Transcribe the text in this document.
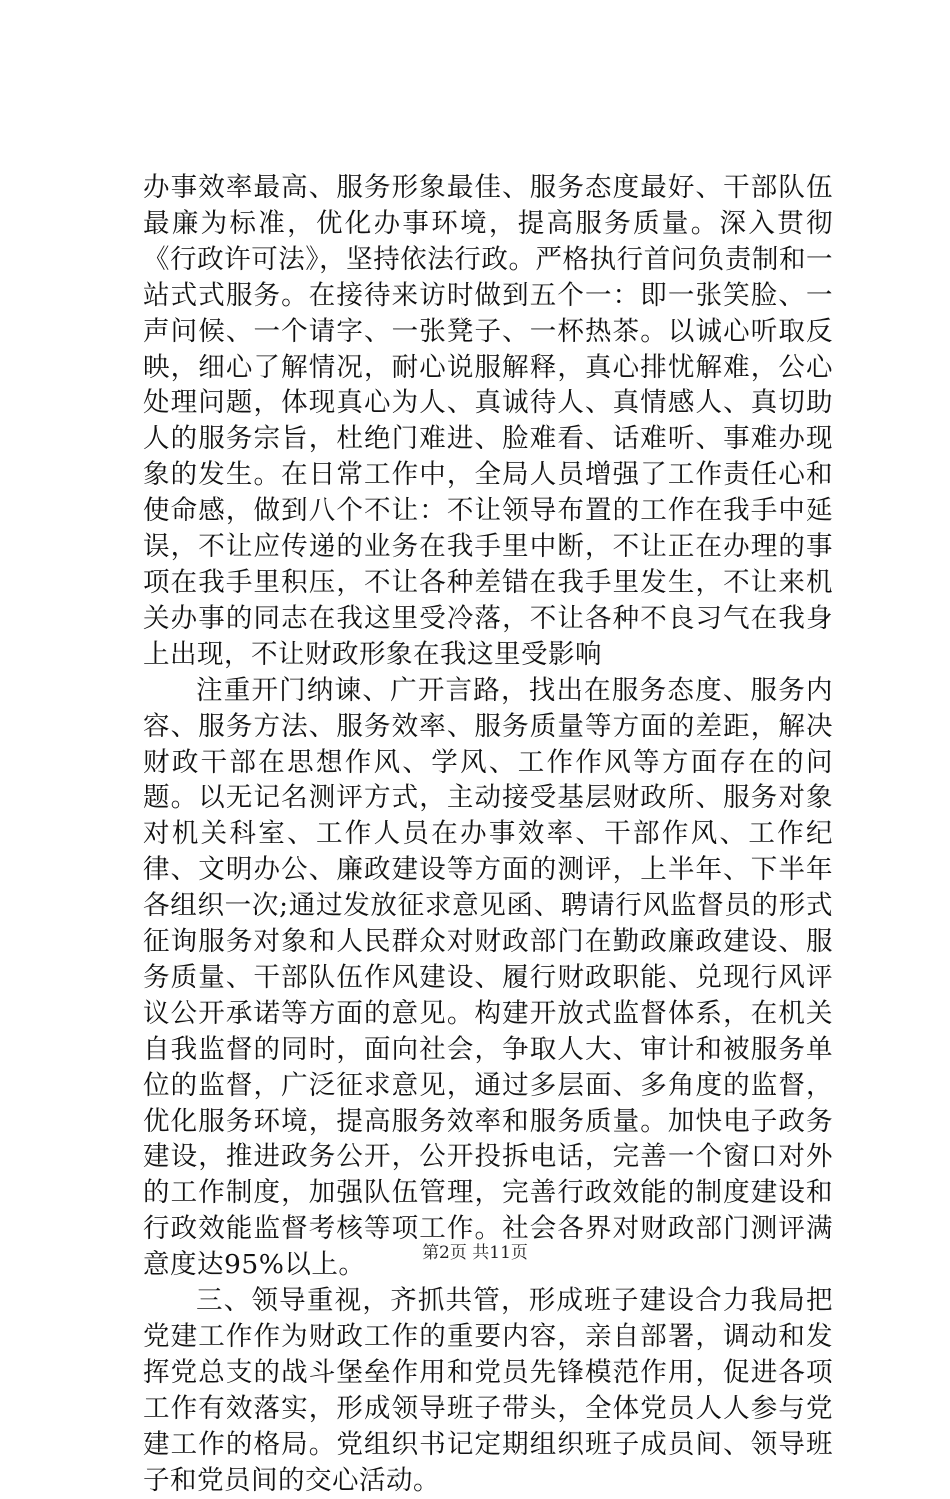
办事效率最高、服务形象最佳、服务态度最好、干部队伍最廉为标准，优化办事环境，提高服务质量。深入贯彻《行政许可法》，坚持依法行政。严格执行首问负责制和一站式式服务。在接待来访时做到五个一：即一张笑脸、一声问候、一个请字、一张凳子、一杯热茶。以诚心听取反映，细心了解情况，耐心说服解释，真心排忧解难，公心处理问题，体现真心为人、真诚待人、真情感人、真切助人的服务宗旨，杜绝门难进、脸难看、话难听、事难办现象的发生。在日常工作中，全局人员增强了工作责任心和使命感，做到八个不让：不让领导布置的工作在我手中延误，不让应传递的业务在我手里中断，不让正在办理的事项在我手里积压，不让各种差错在我手里发生，不让来机关办事的同志在我这里受冷落，不让各种不良习气在我身上出现，不让财政形象在我这里受影响

注重开门纳谏、广开言路，找出在服务态度、服务内容、服务方法、服务效率、服务质量等方面的差距，解决财政干部在思想作风、学风、工作作风等方面存在的问题。以无记名测评方式，主动接受基层财政所、服务对象对机关科室、工作人员在办事效率、干部作风、工作纪律、文明办公、廉政建设等方面的测评，上半年、下半年各组织一次;通过发放征求意见函、聘请行风监督员的形式征询服务对象和人民群众对财政部门在勤政廉政建设、服务质量、干部队伍作风建设、履行财政职能、兑现行风评议公开承诺等方面的意见。构建开放式监督体系，在机关自我监督的同时，面向社会，争取人大、审计和被服务单位的监督，广泛征求意见，通过多层面、多角度的监督，优化服务环境，提高服务效率和服务质量。加快电子政务建设，推进政务公开，公开投拆电话，完善一个窗口对外的工作制度，加强队伍管理，完善行政效能的制度建设和行政效能监督考核等项工作。社会各界对财政部门测评满意度达95%以上。

三、领导重视，齐抓共管，形成班子建设合力我局把党建工作作为财政工作的重要内容，亲自部署，调动和发挥党总支的战斗堡垒作用和党员先锋模范作用，促进各项工作有效落实，形成领导班子带头，全体党员人人参与党建工作的格局。党组织书记定期组织班子成员间、领导班子和党员间的交心活动。

第2页 共11页
